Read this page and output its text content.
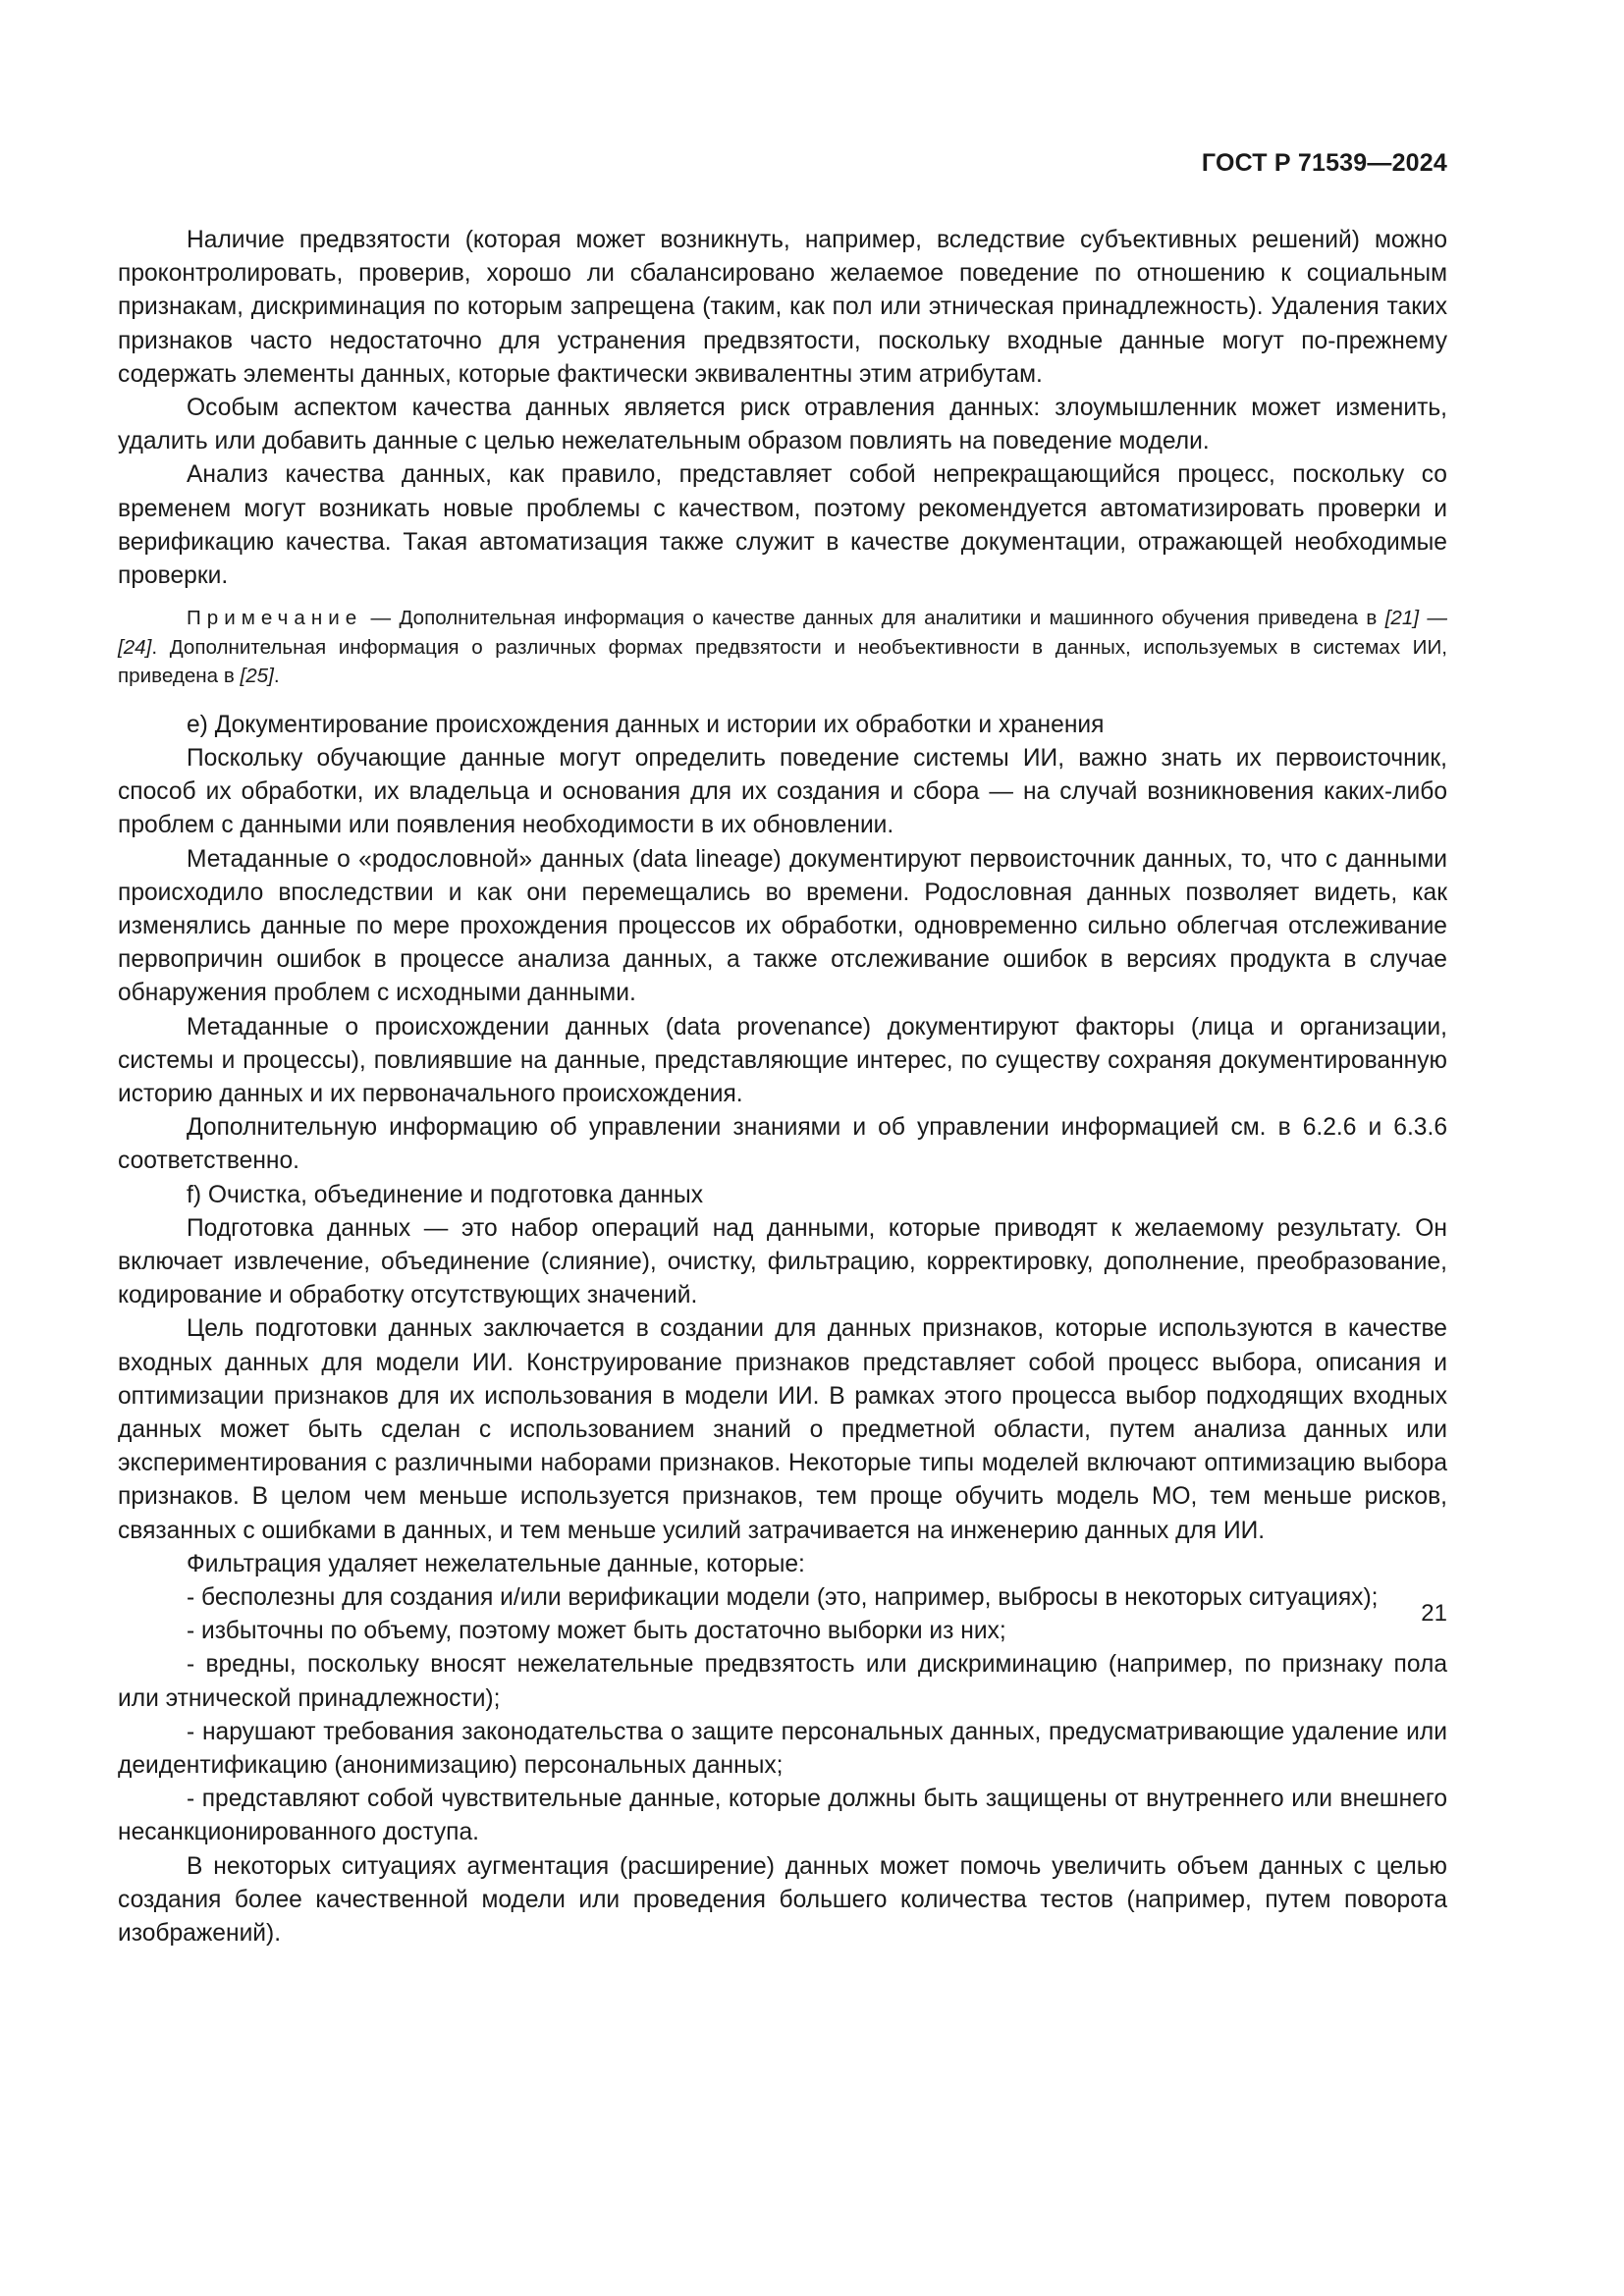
ГОСТ Р 71539—2024

Наличие предвзятости (которая может возникнуть, например, вследствие субъективных решений) можно проконтролировать, проверив, хорошо ли сбалансировано желаемое поведение по отношению к социальным признакам, дискриминация по которым запрещена (таким, как пол или этническая принадлежность). Удаления таких признаков часто недостаточно для устранения предвзятости, поскольку входные данные могут по-прежнему содержать элементы данных, которые фактически эквивалентны этим атрибутам.

Особым аспектом качества данных является риск отравления данных: злоумышленник может изменить, удалить или добавить данные с целью нежелательным образом повлиять на поведение модели.

Анализ качества данных, как правило, представляет собой непрекращающийся процесс, поскольку со временем могут возникать новые проблемы с качеством, поэтому рекомендуется автоматизировать проверки и верификацию качества. Такая автоматизация также служит в качестве документации, отражающей необходимые проверки.

Примечание — Дополнительная информация о качестве данных для аналитики и машинного обучения приведена в [21] — [24]. Дополнительная информация о различных формах предвзятости и необъективности в данных, используемых в системах ИИ, приведена в [25].

е) Документирование происхождения данных и истории их обработки и хранения

Поскольку обучающие данные могут определить поведение системы ИИ, важно знать их первоисточник, способ их обработки, их владельца и основания для их создания и сбора — на случай возникновения каких-либо проблем с данными или появления необходимости в их обновлении.

Метаданные о «родословной» данных (data lineage) документируют первоисточник данных, то, что с данными происходило впоследствии и как они перемещались во времени. Родословная данных позволяет видеть, как изменялись данные по мере прохождения процессов их обработки, одновременно сильно облегчая отслеживание первопричин ошибок в процессе анализа данных, а также отслеживание ошибок в версиях продукта в случае обнаружения проблем с исходными данными.

Метаданные о происхождении данных (data provenance) документируют факторы (лица и организации, системы и процессы), повлиявшие на данные, представляющие интерес, по существу сохраняя документированную историю данных и их первоначального происхождения.

Дополнительную информацию об управлении знаниями и об управлении информацией см. в 6.2.6 и 6.3.6 соответственно.

f) Очистка, объединение и подготовка данных

Подготовка данных — это набор операций над данными, которые приводят к желаемому результату. Он включает извлечение, объединение (слияние), очистку, фильтрацию, корректировку, дополнение, преобразование, кодирование и обработку отсутствующих значений.

Цель подготовки данных заключается в создании для данных признаков, которые используются в качестве входных данных для модели ИИ. Конструирование признаков представляет собой процесс выбора, описания и оптимизации признаков для их использования в модели ИИ. В рамках этого процесса выбор подходящих входных данных может быть сделан с использованием знаний о предметной области, путем анализа данных или экспериментирования с различными наборами признаков. Некоторые типы моделей включают оптимизацию выбора признаков. В целом чем меньше используется признаков, тем проще обучить модель МО, тем меньше рисков, связанных с ошибками в данных, и тем меньше усилий затрачивается на инженерию данных для ИИ.

Фильтрация удаляет нежелательные данные, которые:

- бесполезны для создания и/или верификации модели (это, например, выбросы в некоторых ситуациях);

- избыточны по объему, поэтому может быть достаточно выборки из них;

- вредны, поскольку вносят нежелательные предвзятость или дискриминацию (например, по признаку пола или этнической принадлежности);

- нарушают требования законодательства о защите персональных данных, предусматривающие удаление или деидентификацию (анонимизацию) персональных данных;

- представляют собой чувствительные данные, которые должны быть защищены от внутреннего или внешнего несанкционированного доступа.

В некоторых ситуациях аугментация (расширение) данных может помочь увеличить объем данных с целью создания более качественной модели или проведения большего количества тестов (например, путем поворота изображений).

21
